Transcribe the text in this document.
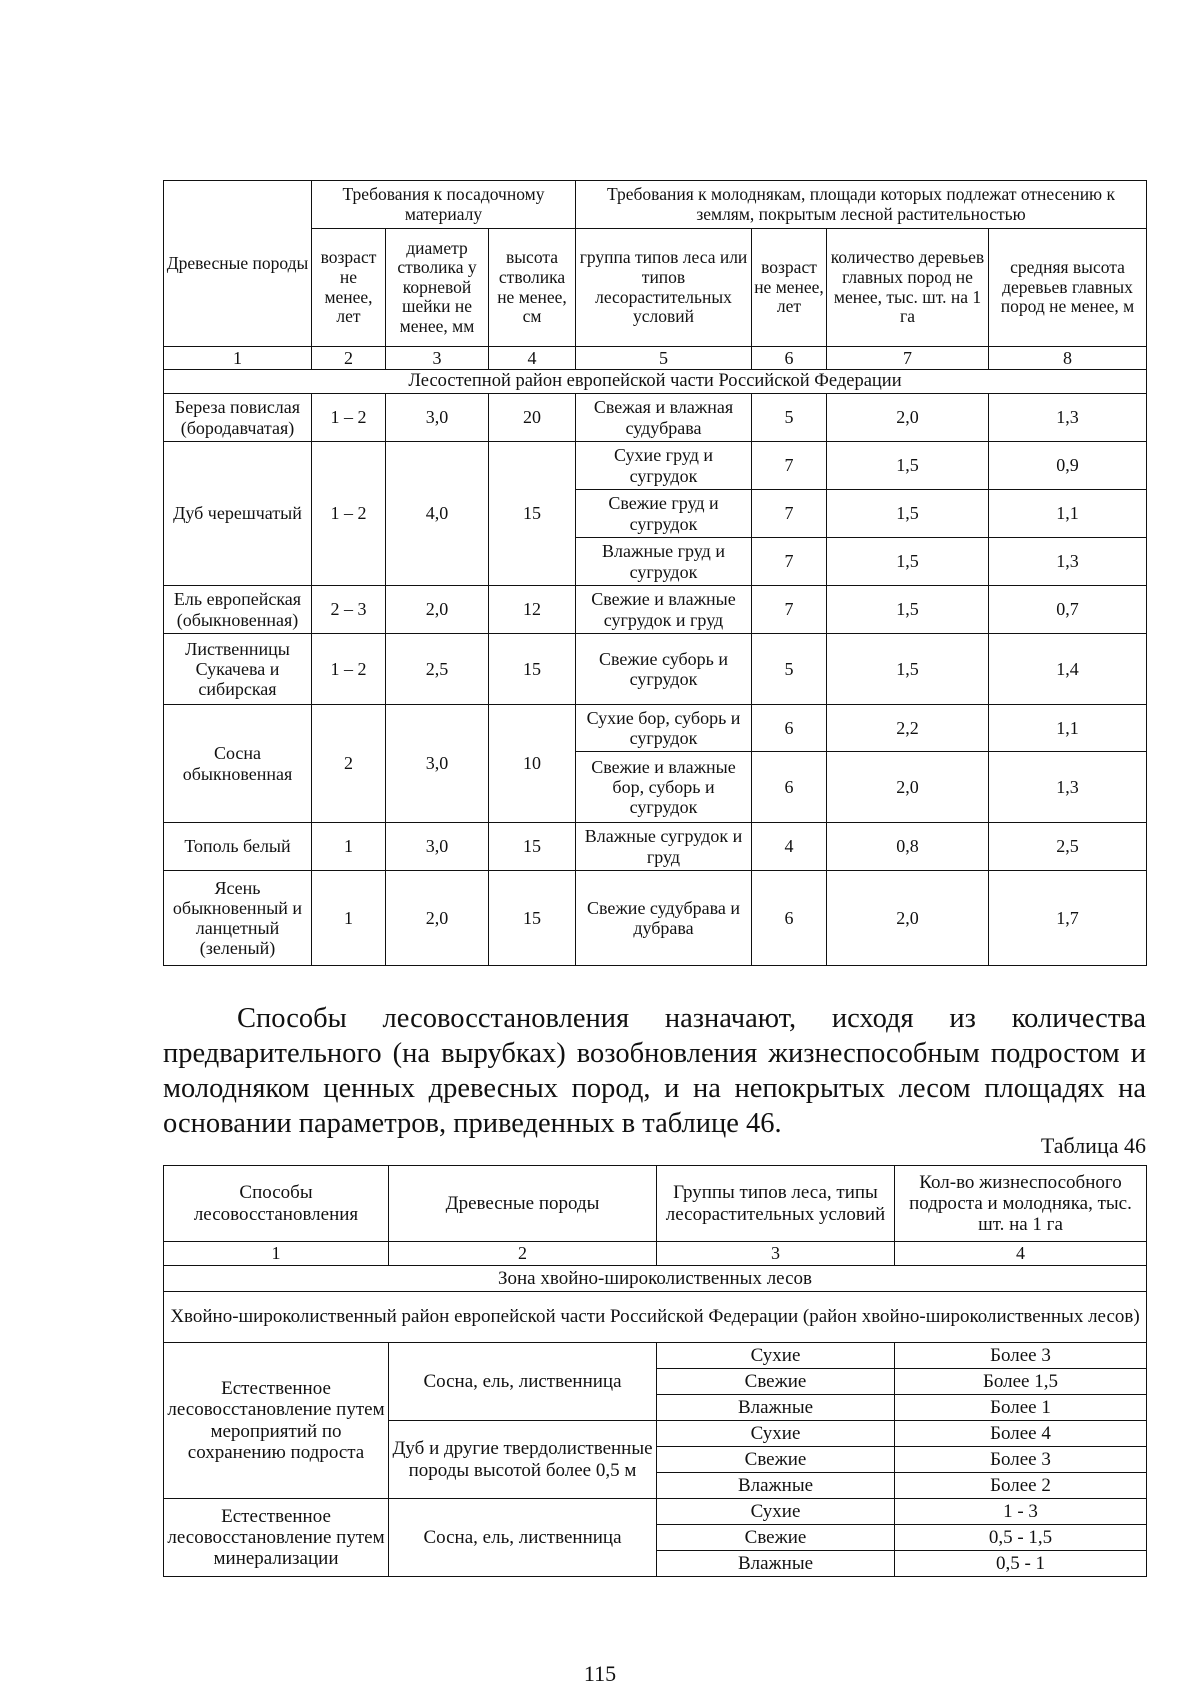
Древесные породы	Требования к посадочному материалу			Требования к молоднякам, площади которых подлежат отнесению к землям, покрытым лесной растительностью			
	возраст не менее, лет	диаметр стволика у корневой шейки не менее, мм	высота стволика не менее, см	группа типов леса или типов лесорастительных условий	возраст не менее, лет	количество деревьев главных пород не менее, тыс. шт. на 1 га	средняя высота деревьев главных пород не менее, м
1	2	3	4	5	6	7	8
Лесостепной район европейской части Российской Федерации							
Береза повислая (бородавчатая)	1 – 2	3,0	20	Свежая и влажная судубрава	5	2,0	1,3
Дуб черешчатый	1 – 2	4,0	15	Сухие груд и сугрудок	7	1,5	0,9
				Свежие груд и сугрудок	7	1,5	1,1
				Влажные груд и сугрудок	7	1,5	1,3
Ель европейская (обыкновенная)	2 – 3	2,0	12	Свежие и влажные сугрудок и груд	7	1,5	0,7
Лиственницы Сукачева и сибирская	1 – 2	2,5	15	Свежие суборь и сугрудок	5	1,5	1,4
Сосна обыкновенная	2	3,0	10	Сухие бор, суборь и сугрудок	6	2,2	1,1
				Свежие и влажные бор, суборь и сугрудок	6	2,0	1,3
Тополь белый	1	3,0	15	Влажные сугрудок и груд	4	0,8	2,5
Ясень обыкновенный и ланцетный (зеленый)	1	2,0	15	Свежие судубрава и дубрава	6	2,0	1,7
Способы лесовосстановления назначают, исходя из количества предварительного (на вырубках) возобновления жизнеспособным подростом и молодняком ценных древесных пород, и на непокрытых лесом площадях на основании параметров, приведенных в таблице 46.
Таблица 46
Способы лесовосстановления	Древесные породы	Группы типов леса, типы лесорастительных условий	Кол-во жизнеспособного подроста и молодняка, тыс. шт. на 1 га
1	2	3	4
Зона хвойно-широколиственных лесов			
Хвойно-широколиственный район европейской части Российской Федерации (район хвойно-широколиственных лесов)			
Естественное лесовосстановление путем мероприятий по сохранению подроста	Сосна, ель, лиственница	Сухие	Более 3
		Свежие	Более 1,5
		Влажные	Более 1
	Дуб и другие твердолиственные породы высотой более 0,5 м	Сухие	Более 4
		Свежие	Более 3
		Влажные	Более 2
Естественное лесовосстановление путем минерализации	Сосна, ель, лиственница	Сухие	1 - 3
		Свежие	0,5 - 1,5
		Влажные	0,5 - 1
115
